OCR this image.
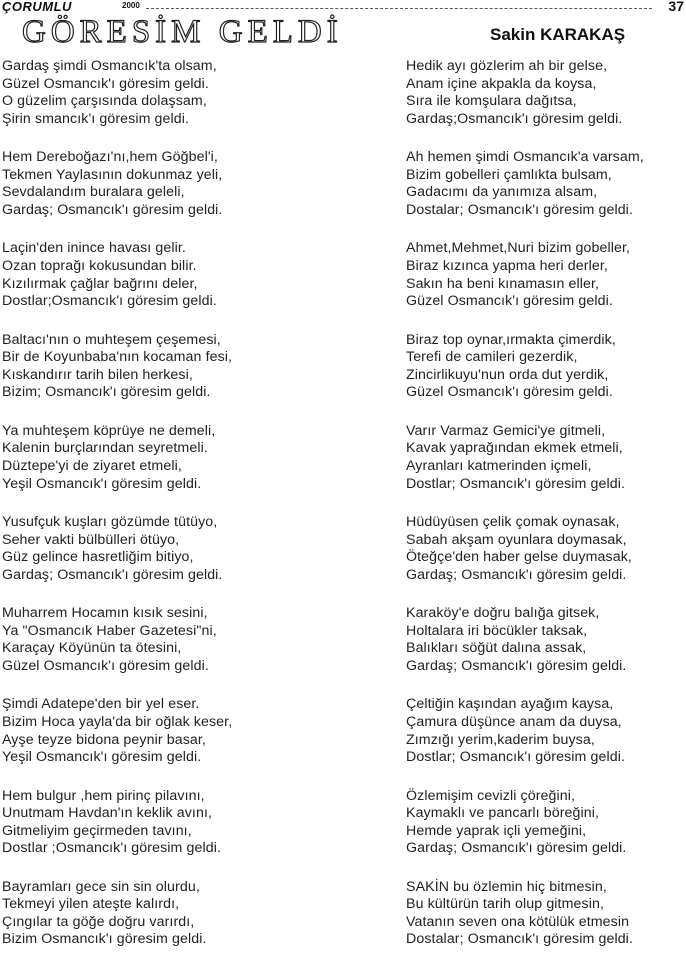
ÇORUMLU	2000	37
GÖRESİM GELDİ	Sakin KARAKAŞ
Gardaş şimdi Osmancık'ta olsam,
Güzel Osmancık'ı göresim geldi.
O güzelim çarşısında dolaşsam,
Şirin smancık'ı göresim geldi.
Hem Dereboğazı'nı,hem Göğbel'i,
Tekmen Yaylasının dokunmaz yeli,
Sevdalandım buralara geleli,
Gardaş; Osmancık'ı göresim geldi.
Laçin'den inince havası gelir.
Ozan toprağı kokusundan bilir.
Kızılırmak çağlar bağrını deler,
Dostlar;Osmancık'ı göresim geldi.
Baltacı'nın o muhteşem çeşemesi,
Bir de Koyunbaba'nın kocaman fesi,
Kıskandırır tarih bilen herkesi,
Bizim; Osmancık'ı göresim geldi.
Ya muhteşem köprüye ne demeli,
Kalenin burçlarından seyretmeli.
Düztepe'yi de ziyaret etmeli,
Yeşil Osmancık'ı göresim geldi.
Yusufçuk kuşları gözümde tütüyo,
Seher vakti bülbülleri ötüyo,
Güz gelince hasretliğim bitiyo,
Gardaş; Osmancık'ı göresim geldi.
Muharrem Hocamın kısık sesini,
Ya "Osmancık Haber Gazetesi"ni,
Karaçay Köyünün ta ötesini,
Güzel Osmancık'ı göresim geldi.
Şimdi Adatepe'den bir yel eser.
Bizim Hoca yayla'da bir oğlak keser,
Ayşe teyze bidona peynir basar,
Yeşil Osmancık'ı göresim geldi.
Hem bulgur ,hem pirinç pilavını,
Unutmam Havdan'ın keklik avını,
Gitmeliyim geçirmeden tavını,
Dostlar ;Osmancık'ı göresim geldi.
Bayramları gece sin sin olurdu,
Tekmeyi yilen ateşte kalırdı,
Çıngılar ta göğe doğru varırdı,
Bizim Osmancık'ı göresim geldi.
Hedik ayı gözlerim ah bir gelse,
Anam içine akpakla da koysa,
Sıra ile komşulara dağıtsa,
Gardaş;Osmancık'ı göresim geldi.
Ah hemen şimdi Osmancık'a varsam,
Bizim gobelleri çamlıkta bulsam,
Gadacımı da yanımıza alsam,
Dostalar; Osmancık'ı göresim geldi.
Ahmet,Mehmet,Nuri bizim gobeller,
Biraz kızınca yapma heri derler,
Sakın ha beni kınamasın eller,
Güzel Osmancık'ı göresim geldi.
Biraz top oynar,ırmakta çimerdik,
Terefi de camileri gezerdik,
Zincirlikuyu'nun orda dut yerdik,
Güzel Osmancık'ı göresim geldi.
Varır Varmaz Gemici'ye gitmeli,
Kavak yaprağından ekmek etmeli,
Ayranları katmerinden içmeli,
Dostlar; Osmancık'ı göresim geldi.
Hüdüyüsen çelik çomak oynasak,
Sabah akşam oyunlara doymasak,
Öteğçe'den haber gelse duymasak,
Gardaş; Osmancık'ı göresim geldi.
Karaköy'e doğru balığa gitsek,
Holtalara iri böcükler taksak,
Balıkları söğüt dalına assak,
Gardaş; Osmancık'ı göresim geldi.
Çeltiğin kaşından ayağım kaysa,
Çamura düşünce anam da duysa,
Zımzığı yerim,kaderim buysa,
Dostlar; Osmancık'ı göresim geldi.
Özlemişim cevizli çöreğini,
Kaymaklı ve pancarlı böreğini,
Hemde yaprak içli yemeğini,
Gardaş; Osmancık'ı göresim geldi.
SAKİN bu özlemin hiç bitmesin,
Bu kültürün tarih olup gitmesin,
Vatanın seven ona kötülük etmesin
Dostalar; Osmancık'ı göresim geldi.
